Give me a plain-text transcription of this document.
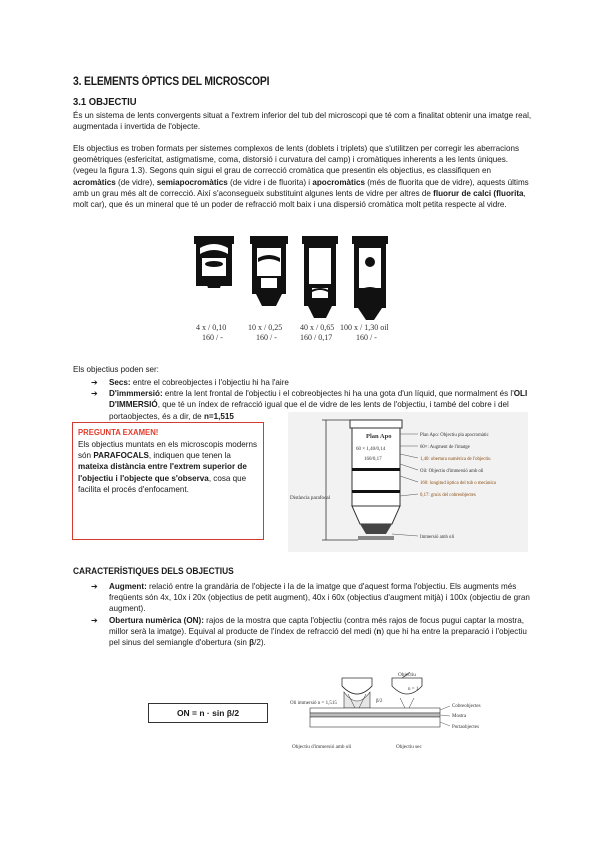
3. ELEMENTS ÒPTICS DEL MICROSCOPI
3.1 OBJECTIU

És un sistema de lents convergents situat a l'extrem inferior del tub del microscopi que té com a finalitat obtenir una imatge real, augmentada i invertida de l'objecte.

Els objectius es troben formats per sistemes complexos de lents (doblets i triplets) que s'utilitzen per corregir les aberracions geomètriques (esfericitat, astigmatisme, coma, distorsió i curvatura del camp) i cromàtiques inherents a les lents úniques. (vegeu la figura 1.3). Segons quin sigui el grau de correcció cromàtica que presentin els objectius, es classifiquen en acromàtics (de vidre), semiapocromàtics (de vidre i de fluorita) i apocromàtics (més de fluorita que de vidre), aquests últims amb un grau més alt de correcció. Així s'aconsegueix substituint algunes lents de vidre per altres de fluorur de calci (fluorita, molt car), que és un mineral que té un poder de refracció molt baix i una dispersió cromàtica molt petita respecte al vidre.

4 x / 0,10
160 / -
10 x / 0,25
160 / -
40 x / 0,65
160 / 0,17
100 x / 1,30 oil
160 / -

Els objectius poden ser:

➔ Secs: entre el cobreobjectes i l'objectiu hi ha l'aire
➔ D'immmersió: entre la lent frontal de l'objectiu i el cobreobjectes hi ha una gota d'un líquid, que normalment és l'OLI D'IMMERSIÓ, que té un índex de refracció igual que el de vidre de les lents de l'objectiu, i també del cobre i del portaobjectes, és a dir, de n=1,515
PREGUNTA EXAMEN!
Els objectius muntats en els microscopis moderns són PARAFOCALS, indiquen que tenen la mateixa distància entre l'extrem superior de l'objectiu i l'objecte que s'observa, cosa que facilita el procés d'enfocament.
Plan Apo
60 × 1,40/0,14
160/0,17
Distància parafocal
Plan Apo: Objectiu pla apocromàtic
60×: Augment de l'imatge
1,40: obertura numèrica de l'objectiu
Oil: Objectiu d'immersió amb oli
160: longitud òptica del tub o mecànica
0,17: gruix del cobreobjectes
Immersió amb oli
CARACTERÍSTIQUES DELS OBJECTIUS
➔ Augment: relació entre la grandària de l'objecte i la de la imatge que d'aquest forma l'objectiu. Els augments més freqüents són 4x, 10x i 20x (objectius de petit augment), 40x i 60x (objectius d'augment mitjà) i 100x (objectiu de gran augment).
➔ Obertura numèrica (ON): rajos de la mostra que capta l'objectiu (contra més rajos de focus pugui captar la mostra, millor serà la imatge). Equival al producte de l'índex de refracció del medi (n) que hi ha entre la preparació i l'objectiu pel sinus del semiangle d'obertura (sin β/2).
ON = n · sin β/2
Objectiu
β/2
Cobreobjectes
Mostra
Portaobjectes
Oli immersió n = 1,515
n = 1
Objectiu d'immersió amb oli	Objectiu sec
